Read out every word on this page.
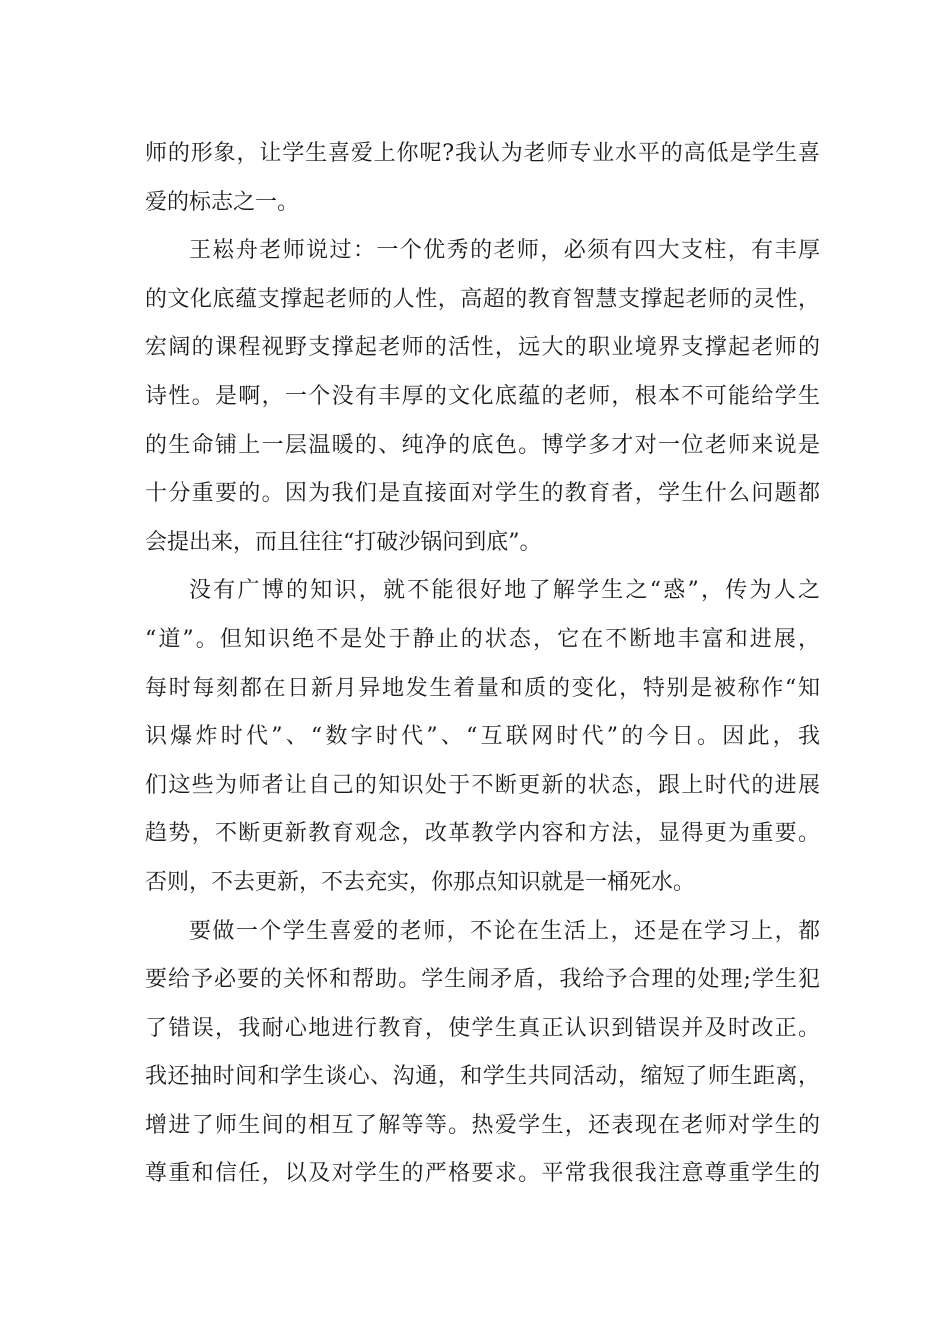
师的形象，让学生喜爱上你呢?我认为老师专业水平的高低是学生喜
爱的标志之一。
王崧舟老师说过：一个优秀的老师，必须有四大支柱，有丰厚
的文化底蕴支撑起老师的人性，高超的教育智慧支撑起老师的灵性，
宏阔的课程视野支撑起老师的活性，远大的职业境界支撑起老师的
诗性。是啊，一个没有丰厚的文化底蕴的老师，根本不可能给学生
的生命铺上一层温暖的、纯净的底色。博学多才对一位老师来说是
十分重要的。因为我们是直接面对学生的教育者，学生什么问题都
会提出来，而且往往“打破沙锅问到底”。
没有广博的知识，就不能很好地了解学生之“惑”，传为人之
“道”。但知识绝不是处于静止的状态，它在不断地丰富和进展，
每时每刻都在日新月异地发生着量和质的变化，特别是被称作“知
识爆炸时代”、“数字时代”、“互联网时代”的今日。因此，我
们这些为师者让自己的知识处于不断更新的状态，跟上时代的进展
趋势，不断更新教育观念，改革教学内容和方法，显得更为重要。
否则，不去更新，不去充实，你那点知识就是一桶死水。
要做一个学生喜爱的老师，不论在生活上，还是在学习上，都
要给予必要的关怀和帮助。学生闹矛盾，我给予合理的处理;学生犯
了错误，我耐心地进行教育，使学生真正认识到错误并及时改正。
我还抽时间和学生谈心、沟通，和学生共同活动，缩短了师生距离，
增进了师生间的相互了解等等。热爱学生，还表现在老师对学生的
尊重和信任，以及对学生的严格要求。平常我很我注意尊重学生的
